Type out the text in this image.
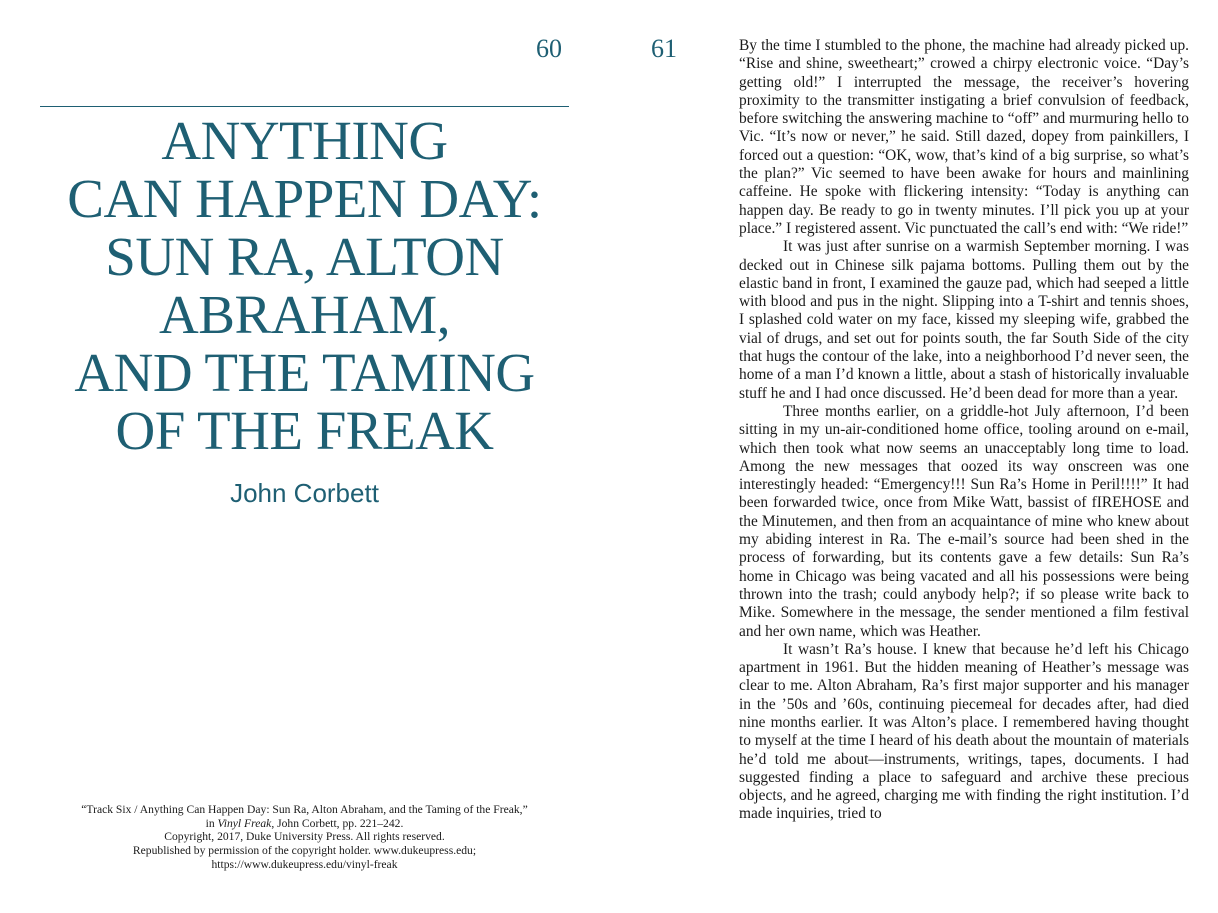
60
ANYTHING
CAN HAPPEN DAY:
SUN RA, ALTON
ABRAHAM,
AND THE TAMING
OF THE FREAK
John Corbett
“Track Six / Anything Can Happen Day: Sun Ra, Alton Abraham, and the Taming of the Freak,”
in Vinyl Freak, John Corbett, pp. 221–242.
Copyright, 2017, Duke University Press. All rights reserved.
Republished by permission of the copyright holder. www.dukeupress.edu;
https://www.dukeupress.edu/vinyl-freak
61	By the time I stumbled to the phone, the machine had already picked up. “Rise and shine, sweetheart;” crowed a chirpy electronic voice. “Day’s getting old!” I interrupted the message, the receiver’s hovering proximity to the transmitter instigating a brief convulsion of feedback, before switching the answering machine to “off” and murmuring hello to Vic. “It’s now or never,” he said. Still dazed, dopey from painkillers, I forced out a question: “OK, wow, that’s kind of a big surprise, so what’s the plan?” Vic seemed to have been awake for hours and mainlining caffeine. He spoke with flickering intensity: “Today is anything can happen day. Be ready to go in twenty minutes. I’ll pick you up at your place.” I registered assent. Vic punctuated the call’s end with: “We ride!”

It was just after sunrise on a warmish September morning. I was decked out in Chinese silk pajama bottoms. Pulling them out by the elastic band in front, I examined the gauze pad, which had seeped a little with blood and pus in the night. Slipping into a T-shirt and tennis shoes, I splashed cold water on my face, kissed my sleeping wife, grabbed the vial of drugs, and set out for points south, the far South Side of the city that hugs the contour of the lake, into a neighborhood I’d never seen, the home of a man I’d known a little, about a stash of historically invaluable stuff he and I had once discussed. He’d been dead for more than a year.

Three months earlier, on a griddle-hot July afternoon, I’d been sitting in my un-air-conditioned home office, tooling around on e-mail, which then took what now seems an unacceptably long time to load. Among the new messages that oozed its way onscreen was one interestingly headed: “Emergency!!! Sun Ra’s Home in Peril!!!!” It had been forwarded twice, once from Mike Watt, bassist of fIREHOSE and the Minutemen, and then from an acquaintance of mine who knew about my abiding interest in Ra. The e-mail’s source had been shed in the process of forwarding, but its contents gave a few details: Sun Ra’s home in Chicago was being vacated and all his possessions were being thrown into the trash; could anybody help?; if so please write back to Mike. Somewhere in the message, the sender mentioned a film festival and her own name, which was Heather.

It wasn’t Ra’s house. I knew that because he’d left his Chicago apartment in 1961. But the hidden meaning of Heather’s message was clear to me. Alton Abraham, Ra’s first major supporter and his manager in the ’50s and ’60s, continuing piecemeal for decades after, had died nine months earlier. It was Alton’s place. I remembered having thought to myself at the time I heard of his death about the mountain of materials he’d told me about—instruments, writings, tapes, documents. I had suggested finding a place to safeguard and archive these precious objects, and he agreed, charging me with finding the right institution. I’d made inquiries, tried to
